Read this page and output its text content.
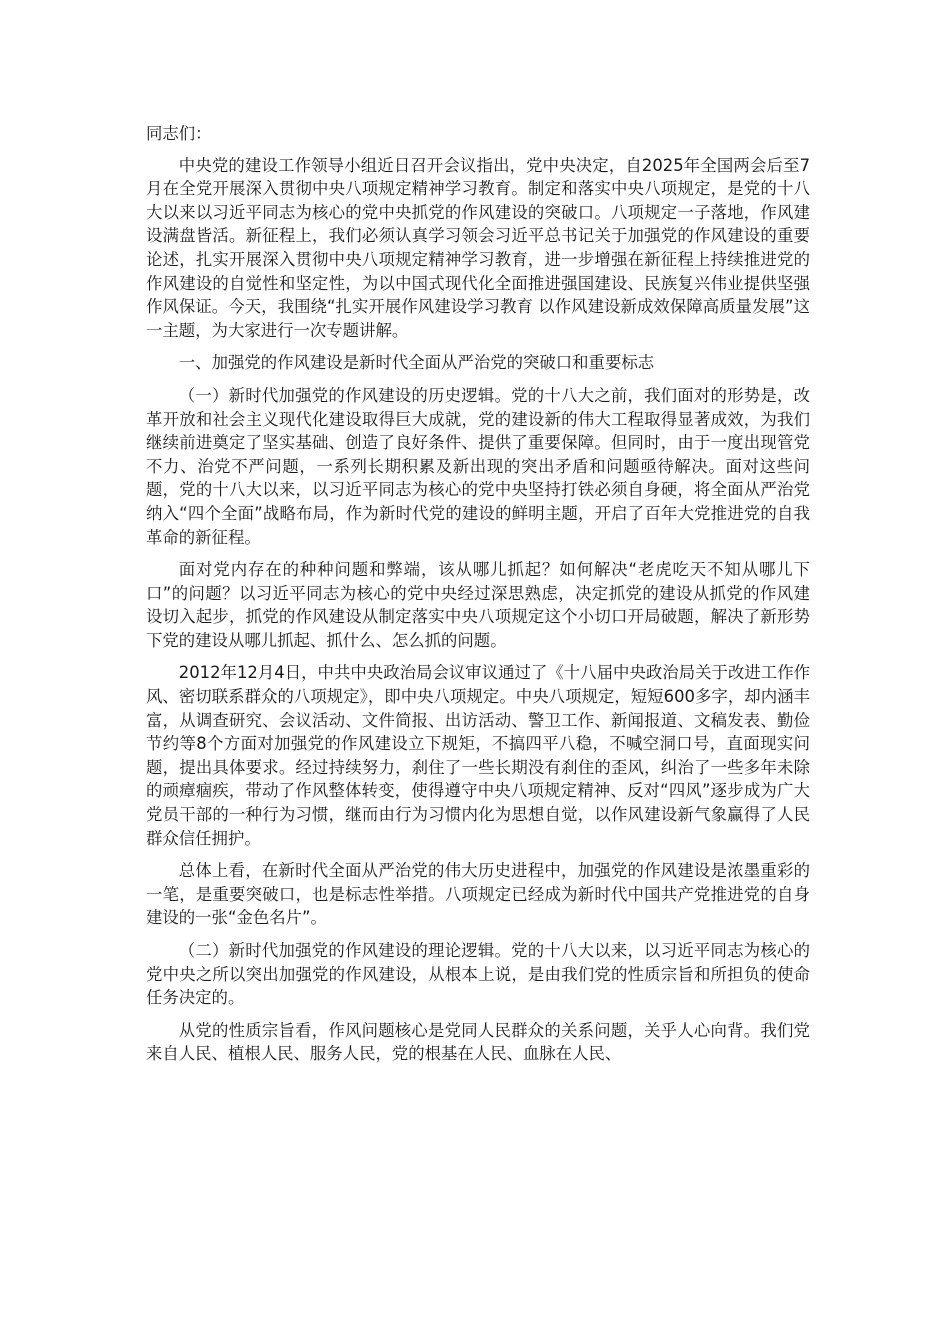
同志们：

中央党的建设工作领导小组近日召开会议指出，党中央决定，自2025年全国两会后至7月在全党开展深入贯彻中央八项规定精神学习教育。制定和落实中央八项规定，是党的十八大以来以习近平同志为核心的党中央抓党的作风建设的突破口。八项规定一子落地，作风建设满盘皆活。新征程上，我们必须认真学习领会习近平总书记关于加强党的作风建设的重要论述，扎实开展深入贯彻中央八项规定精神学习教育，进一步增强在新征程上持续推进党的作风建设的自觉性和坚定性，为以中国式现代化全面推进强国建设、民族复兴伟业提供坚强作风保证。今天，我围绕“扎实开展作风建设学习教育 以作风建设新成效保障高质量发展”这一主题，为大家进行一次专题讲解。

一、加强党的作风建设是新时代全面从严治党的突破口和重要标志

（一）新时代加强党的作风建设的历史逻辑。党的十八大之前，我们面对的形势是，改革开放和社会主义现代化建设取得巨大成就，党的建设新的伟大工程取得显著成效，为我们继续前进奠定了坚实基础、创造了良好条件、提供了重要保障。但同时，由于一度出现管党不力、治党不严问题，一系列长期积累及新出现的突出矛盾和问题亟待解决。面对这些问题，党的十八大以来，以习近平同志为核心的党中央坚持打铁必须自身硬，将全面从严治党纳入“四个全面”战略布局，作为新时代党的建设的鲜明主题，开启了百年大党推进党的自我革命的新征程。

面对党内存在的种种问题和弊端，该从哪儿抓起？如何解决“老虎吃天不知从哪儿下口”的问题？以习近平同志为核心的党中央经过深思熟虑，决定抓党的建设从抓党的作风建设切入起步，抓党的作风建设从制定落实中央八项规定这个小切口开局破题，解决了新形势下党的建设从哪儿抓起、抓什么、怎么抓的问题。

2012年12月4日，中共中央政治局会议审议通过了《十八届中央政治局关于改进工作作风、密切联系群众的八项规定》，即中央八项规定。中央八项规定，短短600多字，却内涵丰富，从调查研究、会议活动、文件简报、出访活动、警卫工作、新闻报道、文稿发表、勤俭节约等8个方面对加强党的作风建设立下规矩，不搞四平八稳，不喊空洞口号，直面现实问题，提出具体要求。经过持续努力，刹住了一些长期没有刹住的歪风，纠治了一些多年未除的顽瘴痼疾，带动了作风整体转变，使得遵守中央八项规定精神、反对“四风”逐步成为广大党员干部的一种行为习惯，继而由行为习惯内化为思想自觉，以作风建设新气象赢得了人民群众信任拥护。

总体上看，在新时代全面从严治党的伟大历史进程中，加强党的作风建设是浓墨重彩的一笔，是重要突破口，也是标志性举措。八项规定已经成为新时代中国共产党推进党的自身建设的一张“金色名片”。

（二）新时代加强党的作风建设的理论逻辑。党的十八大以来，以习近平同志为核心的党中央之所以突出加强党的作风建设，从根本上说，是由我们党的性质宗旨和所担负的使命任务决定的。

从党的性质宗旨看，作风问题核心是党同人民群众的关系问题，关乎人心向背。我们党来自人民、植根人民、服务人民，党的根基在人民、血脉在人民、
